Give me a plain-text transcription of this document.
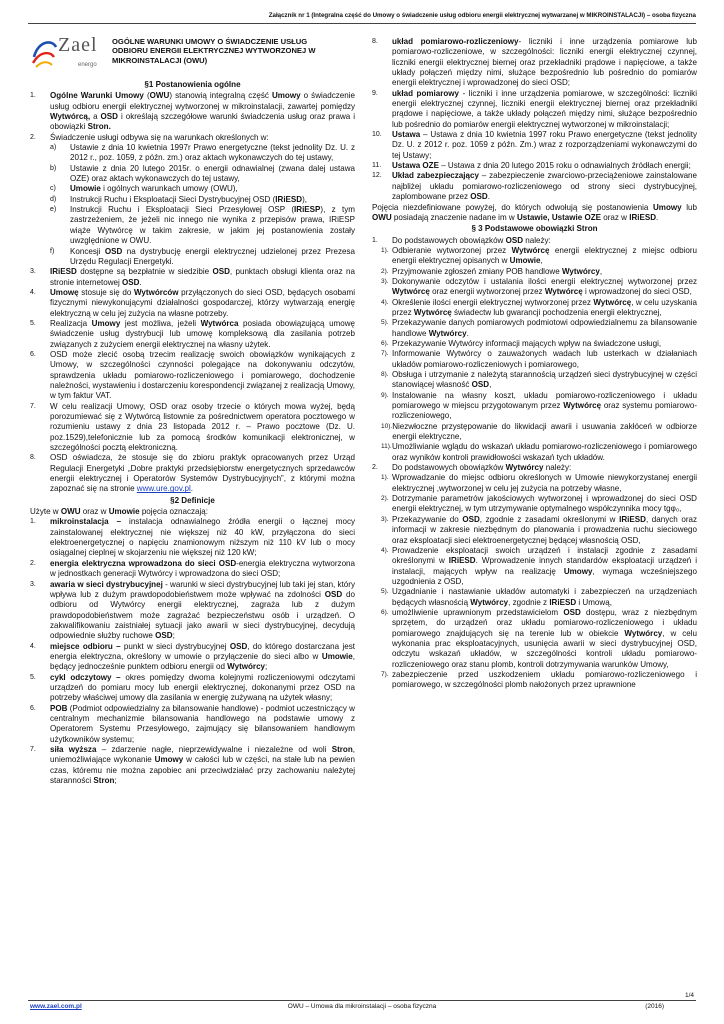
Załącznik nr 1 (Integralna część do Umowy o świadczenie usług odbioru energii elektrycznej wytwarzanej w MIKROINSTALACJI) – osoba fizyczna
Zael
energo
OGÓLNE WARUNKI UMOWY O ŚWIADCZENIE USŁUG ODBIORU ENERGII ELEKTRYCZNEJ WYTWORZONEJ W MIKROINSTALACJI (OWU)
§1 Postanowienia ogólne
1.	Ogólne Warunki Umowy (OWU) stanowią integralną część Umowy o świadczenie usług odbioru energii elektrycznej wytworzonej w mikroinstalacji, zawartej pomiędzy Wytwórcą, a OSD i określają szczegółowe warunki świadczenia usług oraz prawa i obowiązki Stron.
2.	Świadczenie usługi odbywa się na warunkach określonych w:
a)	Ustawie z dnia 10 kwietnia 1997r Prawo energetyczne (tekst jednolity Dz. U. z 2012 r., poz. 1059, z późn. zm.) oraz aktach wykonawczych do tej ustawy,
b)	Ustawie z dnia 20 lutego 2015r. o energii odnawialnej (zwana dalej ustawa OZE) oraz aktach wykonawczych do tej ustawy,
c)	Umowie i ogólnych warunkach umowy (OWU),
d)	Instrukcji Ruchu i Eksploatacji Sieci Dystrybucyjnej OSD (IRiESD),
e)	Instrukcji Ruchu i Eksploatacji Sieci Przesyłowej OSP (IRiESP), z tym zastrzeżeniem, że jeżeli nic innego nie wynika z przepisów prawa, IRiESP wiąże Wytwórcę w takim zakresie, w jakim jej postanowienia zostały uwzględnione w OWU.
f)	Koncesji OSD na dystrybucję energii elektrycznej udzielonej przez Prezesa Urzędu Regulacji Energetyki.
3.	IRiESD dostępne są bezpłatnie w siedzibie OSD, punktach obsługi klienta oraz na stronie internetowej OSD.
4.	Umowę stosuje się do Wytwórców przyłączonych do sieci OSD, będących osobami fizycznymi niewykonującymi działalności gospodarczej, którzy wytwarzają energię elektryczną w celu jej zużycia na własne potrzeby.
5.	Realizacja Umowy jest możliwa, jeżeli Wytwórca posiada obowiązującą umowę świadczenie usług dystrybucji lub umowę kompleksową dla zasilania potrzeb związanych z zużyciem energii elektrycznej na własny użytek.
6.	OSD może zlecić osobą trzecim realizację swoich obowiązków wynikających z Umowy, w szczególności czynności polegające na dokonywaniu odczytów, sprawdzenia układu pomiarowo-rozliczeniowego i pomiarowego, dochodzenie należności, wystawieniu i dostarczeniu korespondencji związanej z realizacją Umowy, w tym faktur VAT.
7.	W celu realizacji Umowy, OSD oraz osoby trzecie o których mowa wyżej, będą porozumiewać się z Wytwórcą listownie za pośrednictwem operatora pocztowego w rozumieniu ustawy z dnia 23 listopada 2012 r. – Prawo pocztowe (Dz. U. poz.1529),telefonicznie lub za pomocą środków komunikacji elektronicznej, w szczególności pocztą elektroniczną.
8.	OSD oświadcza, że stosuje się do zbioru praktyk opracowanych przez Urząd Regulacji Energetyki „Dobre praktyki przedsiębiorstw energetycznych sprzedawców energii elektrycznej i Operatorów Systemów Dystrybucyjnych”, z którymi można zapoznać się na stronie www.ure.gov.pl.
§2 Definicje
Użyte w OWU oraz w Umowie pojęcia oznaczają:
1.	mikroinstalacja – instalacja odnawialnego źródła energii o łącznej mocy zainstalowanej elektrycznej nie większej niż 40 kW, przyłączona do sieci elektroenergetycznej o napięciu znamionowym niższym niż 110 kV lub o mocy osiągalnej cieplnej w skojarzeniu nie większej niż 120 kW;
2.	energia elektryczna wprowadzona do sieci OSD-energia elektryczna wytworzona w jednostkach generacji Wytwórcy i wprowadzona do sieci OSD;
3.	awaria w sieci dystrybucyjnej - warunki w sieci dystrybucyjnej lub taki jej stan, który wpływa lub z dużym prawdopodobieństwem może wpływać na zdolności OSD do odbioru od Wytwórcy energii elektrycznej, zagraża lub z dużym prawdopodobieństwem może zagrażać bezpieczeństwu osób i urządzeń. O zakwalifikowaniu zaistniałej sytuacji jako awarii w sieci dystrybucyjnej, decydują odpowiednie służby ruchowe OSD;
4.	miejsce odbioru – punkt w sieci dystrybucyjnej OSD, do którego dostarczana jest energia elektryczna, określony w umowie o przyłączenie do sieci albo w Umowie, będący jednocześnie punktem odbioru energii od Wytwórcy;
5.	cykl odczytowy – okres pomiędzy dwoma kolejnymi rozliczeniowymi odczytami urządzeń do pomiaru mocy lub energii elektrycznej, dokonanymi przez OSD na potrzeby właściwej umowy dla zasilania w energię zużywaną na użytek własny;
6.	POB (Podmiot odpowiedzialny za bilansowanie handlowe) - podmiot uczestniczący w centralnym mechanizmie bilansowania handlowego na podstawie umowy z Operatorem Systemu Przesyłowego, zajmujący się bilansowaniem handlowym użytkowników systemu;
7.	siła wyższa – zdarzenie nagłe, nieprzewidywalne i niezależne od woli Stron, uniemożliwiające wykonanie Umowy w całości lub w części, na stałe lub na pewien czas, któremu nie można zapobiec ani przeciwdziałać przy zachowaniu należytej staranności Stron;
8.	układ pomiarowo-rozliczeniowy- liczniki i inne urządzenia pomiarowe lub pomiarowo-rozliczeniowe, w szczególności: liczniki energii elektrycznej czynnej, liczniki energii elektrycznej biernej oraz przekładniki prądowe i napięciowe, a także układy połączeń między nimi, służące bezpośrednio lub pośrednio do pomiarów energii elektrycznej i wprowadzonej do sieci OSD;
9.	układ pomiarowy - liczniki i inne urządzenia pomiarowe, w szczególności: liczniki energii elektrycznej czynnej, liczniki energii elektrycznej biernej oraz przekładniki prądowe i napięciowe, a także układy połączeń między nimi, służące bezpośrednio lub pośrednio do pomiarów energii elektrycznej wytworzonej w mikroinstalacji;
10.	Ustawa – Ustawa z dnia 10 kwietnia 1997 roku Prawo energetyczne (tekst jednolity Dz. U. z 2012 r. poz. 1059 z późn. Zm.) wraz z rozporządzeniami wykonawczymi do tej Ustawy;
11.	Ustawa OZE – Ustawa z dnia 20 lutego 2015 roku o odnawialnych źródłach energii;
12.	Układ zabezpieczający – zabezpieczenie zwarciowo-przeciążeniowe zainstalowane najbliżej układu pomiarowo-rozliczeniowego od strony sieci dystrybucyjnej, zaplombowane przez OSD.
Pojęcia niezdefiniowane powyżej, do których odwołują się postanowienia Umowy lub OWU posiadają znaczenie nadane im w Ustawie, Ustawie OZE oraz w IRiESD.
§ 3 Podstawowe obowiązki Stron
1.	Do podstawowych obowiązków OSD należy:
1). Odbieranie wytworzonej przez Wytwórcę energii elektrycznej z miejsc odbioru energii elektrycznej opisanych w Umowie,
2). Przyjmowanie zgłoszeń zmiany POB handlowe Wytwórcy,
3). Dokonywanie odczytów i ustalania ilości energii elektrycznej wytworzonej przez Wytwórcę oraz energii wytworzonej przez Wytwórcę i wprowadzonej do sieci OSD,
4). Określenie ilości energii elektrycznej wytworzonej przez Wytwórcę, w celu uzyskania przez Wytwórcę świadectw lub gwarancji pochodzenia energii elektrycznej,
5). Przekazywanie danych pomiarowych podmiotowi odpowiedzialnemu za bilansowanie handlowe Wytwórcy.
6). Przekazywanie Wytwórcy informacji mających wpływ na świadczone usługi,
7). Informowanie Wytwórcy o zauważonych wadach lub usterkach w działaniach układów pomiarowo-rozliczeniowych i pomiarowego,
8). Obsługa i utrzymanie z należytą starannością urządzeń sieci dystrybucyjnej w części stanowiącej własność OSD,
9). Instalowanie na własny koszt, układu pomiarowo-rozliczeniowego i układu pomiarowego w miejscu przygotowanym przez Wytwórcę oraz systemu pomiarowo-rozliczeniowego,
10). Niezwłoczne przystępowanie do likwidacji awarii i usuwania zakłóceń w odbiorze energii elektryczne,
11). Umożliwianie wglądu do wskazań układu pomiarowo-rozliczeniowego i pomiarowego oraz wyników kontroli prawidłowości wskazań tych układów.
2.	Do podstawowych obowiązków Wytwórcy należy:
1). Wprowadzanie do miejsc odbioru określonych w Umowie niewykorzystanej energii elektrycznej ,wytworzonej w celu jej zużycia na potrzeby własne,
2). Dotrzymanie parametrów jakościowych wytworzonej i wprowadzonej do sieci OSD energii elektrycznej, w tym utrzymywanie optymalnego współczynnika mocy tgφ₀,
3). Przekazywanie do OSD, zgodnie z zasadami określonymi w IRiESD, danych oraz informacji w zakresie niezbędnym do planowania i prowadzenia ruchu sieciowego oraz eksploatacji sieci elektroenergetycznej będącej własnością OSD,
4). Prowadzenie eksploatacji swoich urządzeń i instalacji zgodnie z zasadami określonymi w IRiESD. Wprowadzenie innych standardów eksploatacji urządzeń i instalacji, mających wpływ na realizację Umowy, wymaga wcześniejszego uzgodnienia z OSD,
5). Uzgadnianie i nastawianie układów automatyki i zabezpieczeń na urządzeniach będących własnością Wytwórcy, zgodnie z IRiESD i Umową,
6). umożliwienie uprawnionym przedstawicielom OSD dostępu, wraz z niezbędnym sprzętem, do urządzeń oraz układu pomiarowo-rozliczeniowego i układu pomiarowego znajdujących się na terenie lub w obiekcie Wytwórcy, w celu wykonania prac eksploatacyjnych, usunięcia awarii w sieci dystrybucyjnej OSD, odczytu wskazań układów, w szczególności kontroli układu pomiarowo-rozliczeniowego oraz stanu plomb, kontroli dotrzymywania warunków Umowy,
7). zabezpieczenie przed uszkodzeniem układu pomiarowo-rozliczeniowego i pomiarowego, w szczególności plomb nałożonych przez uprawnione
1/4
www.zael.com.pl	OWU – Umowa dla mikroinstalacji – osoba fizyczna	(2016)
